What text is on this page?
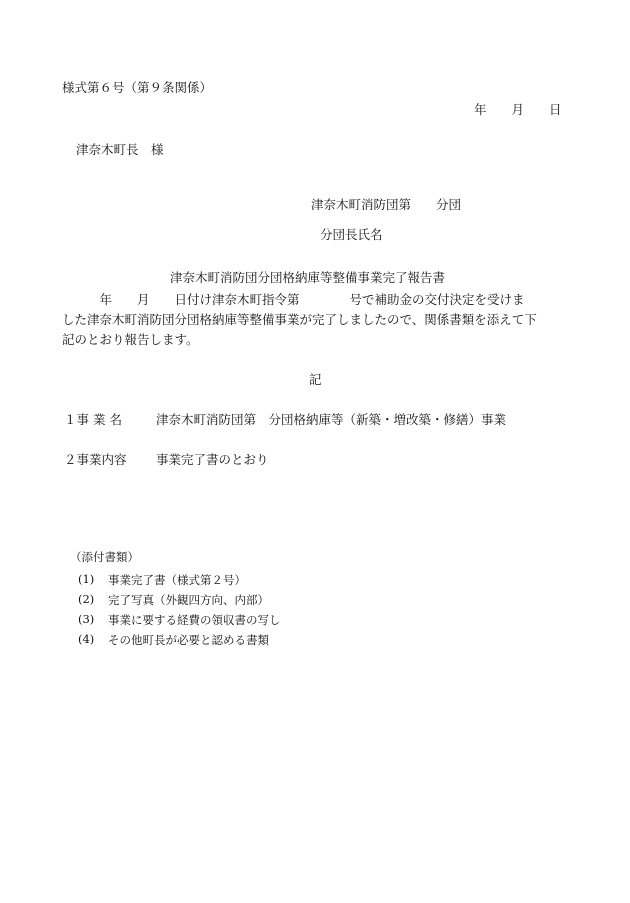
様式第６号（第９条関係）
年　　月　　日
津奈木町長　様
津奈木町消防団第　　分団
分団長氏名
津奈木町消防団分団格納庫等整備事業完了報告書
　　　年　　月　　日付け津奈木町指令第　　　　号で補助金の交付決定を受けま
した津奈木町消防団分団格納庫等整備事業が完了しましたので、関係書類を添えて下
記のとおり報告します。
記
１事 業 名	津奈木町消防団第　分団格納庫等（新築・増改築・修繕）事業
２事業内容 事業完了書のとおり
（添付書類）
(1) 事業完了書（様式第２号）
(2) 完了写真（外観四方向、内部）
(3) 事業に要する経費の領収書の写し
(4) その他町長が必要と認める書類
